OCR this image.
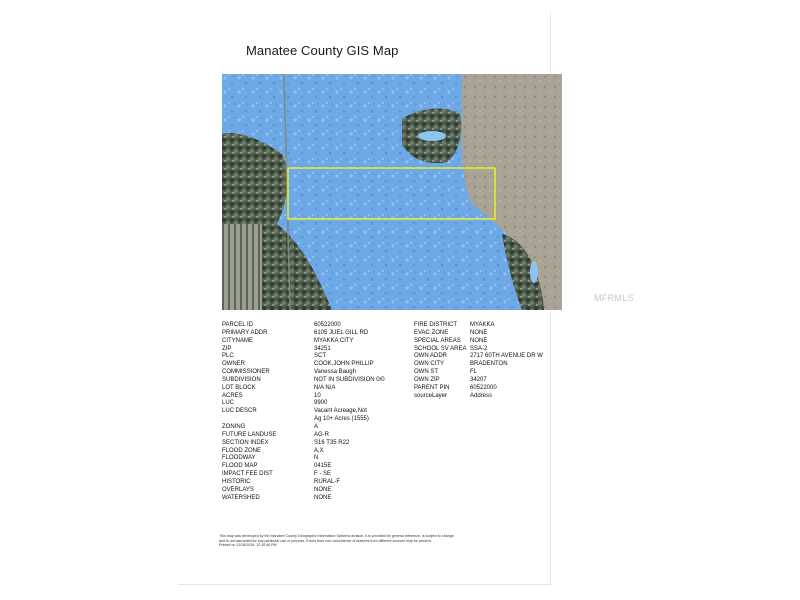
Manatee County GIS Map
MFRMLS
PARCEL ID	60522000
PRIMARY ADDR	6105 JUEL GILL RD
CITYNAME	MYAKKA CITY
ZIP	34251
PLC	SCT
OWNER	COOK,JOHN PHILLIP
COMMISSIONER	Vanessa Baugh
SUBDIVISION	NOT IN SUBDIVISION 0/0
LOT BLOCK	N/A N/A
ACRES	10
LUC	9900
LUC DESCR	Vacant Acreage,Not
Ag 10+ Acres (1555)
ZONING	A
FUTURE LANDUSE	AG-R
SECTION INDEX	S16 T35 R22
FLOOD ZONE	A,X
FLOODWAY	N
FLOOD MAP	0415E
IMPACT FEE DIST	F - SE
HISTORIC	RURAL-F
OVERLAYS	NONE
WATERSHED	NONE
FIRE DISTRICT	MYAKKA
EVAC ZONE	NONE
SPECIAL AREAS	NONE
SCHOOL SV AREA SSA-2
OWN ADDR	2717 60TH AVENUE DR W
OWN CITY	BRADENTON
OWN ST	FL
OWN ZIP	34207
PARENT PIN	60522000
sourceLayer	Address
This map was developed by the Manatee County Geographic Information Systems division. It is provided for general reference, is subject to change,
and is not warranted for any particular use or purpose. Errors from non-coincidence of features from different sources may be present.
Printed on 11/16/2016, 12:10:46 PM
